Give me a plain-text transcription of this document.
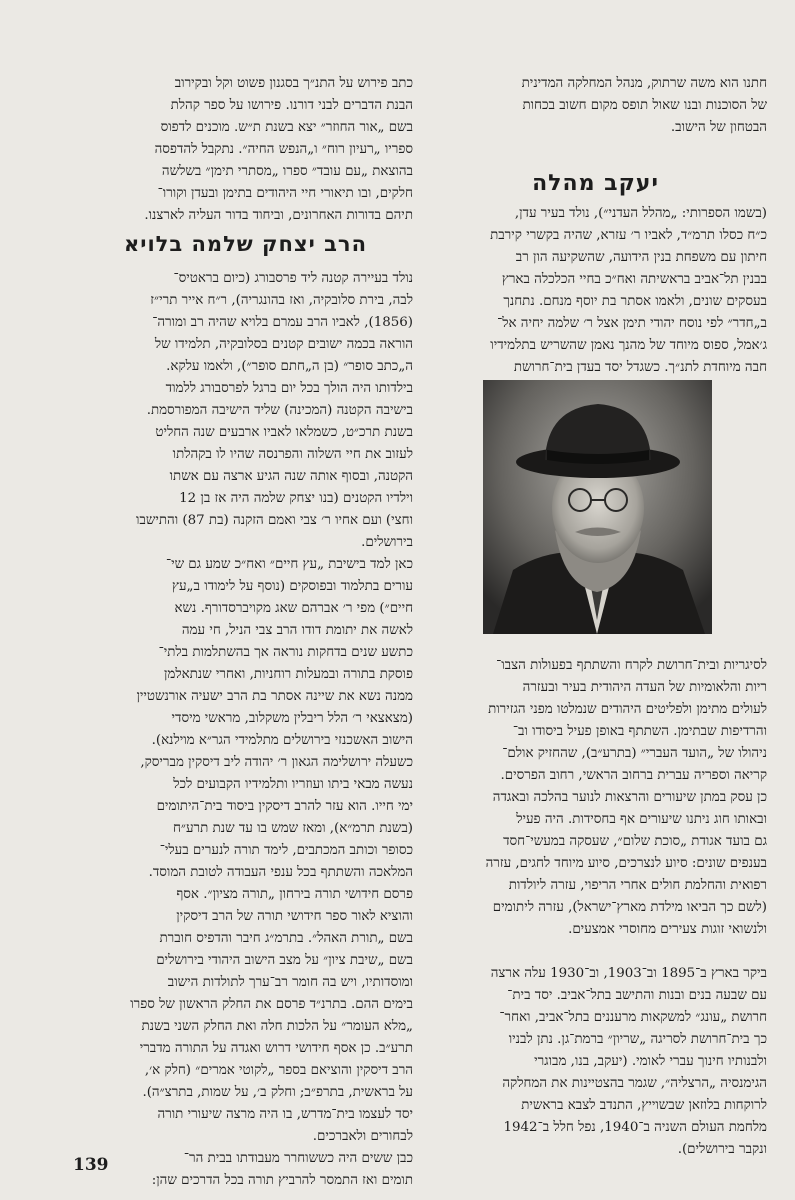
חתנו הוא משה שרתוק, מנהל המחלקה המדינית

של הסוכנות ובנו שאול תופס מקום חשוב בכחות

הבטחון של הישוב.

יעקב מהלה

(בשמו הספרותי: „מהלל העדני״), נולד בעיר עדן,

כ״ח כסלו תרמ״ד, לאביו ר׳ עזרא, שהיה בקשרי קירבת

חיתון עם משפחת בנין הידועה, שהשקיעה הון רב

בבנין תל־אביב בראשיתה ואח״כ בחיי הכלכלה בארץ

בעסקים שונים, ולאמו אסתר בת יוסף מנחם. נתחנך

ב„חדר״ לפי נוסח יהודי תימן אצל ר׳ שלמה יחיה אל־

ג׳אמל, ספוס מיוחד של מהנך נאמן שהשריש בתלמידיו

חבה מיוחדת לתנ״ך. כשגדל יסד בעדן בית־חרושת

לסיגריות ובית־חרושת לקרח והשתתף בפעולות הצבו־

ריות והלאומיות של העדה היהודית בעיר ובעזרה

לעולים מתימן ולפליטים היהודים שנמלטו מפני הגזירות

והרדיפות שבתימן. השתתף באופן פעיל ביסודו וב־

ניהולו של „הועד העברי״ (בתרע״ב), שהחזיק אולם־

קריאה וספריה עברית ברחוב הראשי, רחוב הפרסים.

כן עסק במתן שיעורים והרצאות לנוער בהלכה ובאגדה

ובאותו חוג ניתנו שיעורים אף בחסידות. היה פעיל

גם בועד אגודת „סוכת שלום״, שעסקה במעשי־חסד

בענפים שונים: סיוע לנצרכים, סיוע מיוחד לחגים, עזרה

רפואית והחלמת חולים אחרי הריפוי, עזרה ליולדות

(לשם כך הביאו מילדת מארץ־ישראל), עזרה ליתומים

ולנשואי זוגות צעירים מחוסרי אמצעים.

ביקר בארץ ב־1895 וב־1903, וב־1930 עלה ארצה

עם שבעה בנים ובנות והתישב בתל־אביב. יסד בית־

חרושת „עונג״ למשקאות מרעננים בתל־אביב, ואחר־

כך בית־חרושת לסריגה „שריון״ ברמת־גן. נתן לבניו

ולבנותיו חינוך עברי לאומי. (יעקב, בנו, מבוגרי

הגימנסיה „הרצליה״, שגמר בהצטיינות את המחלקה

לרוקחות בלוזאן שבשוייץ, התנדב לצבא בראשית

מלחמת העולם השניה ב־1940, נפל חלל ב־1942

ונקבר בירושלים).

כתב פירוש על התנ״ך בסגנון פשוט וקל ובקירוב

הבנת הדברים לבני דורנו. פירושו על ספר קהלת

בשם „אור החוזר״ יצא בשנת ת״ש. מוכנים לדפוס

ספריו „רעיון רוח״ ו„הנפש החיה״. נתקבל להדפסה

בהוצאת „עם עובד״ ספרו „מסתרי תימן״ בשלשה

חלקים, ובו תיאורי חיי היהודים בתימן ובעדן וקורו־

תיהם בדורות האחרונים, וביחוד בדור העליה לארצנו.

הרב יצחק שלמה בלויא

נולד בעיירה קטנה ליד פרסבורג (כיום בראטיס־

לבה, בירת סלובקיה, ואז בהונגריה), ר״ח אייר תרי״ז

(1856), לאביו הרב עמרם בלויא שהיה רב ומורה־

הוראה בכמה ישובים קטנים בסלובקיה, תלמידו של

ה„כתב סופר״ (בן ה„חתם סופר״), ולאמו עלקא.

בילדותו היה הולך בכל יום ברגל לפרסבורג ללמוד

בישיבה הקטנה (המכינה) שליד הישיבה המפורסמת.

בשנת תרכ״ט, כשמלאו לאביו ארבעים שנה החליט

לעזוב את חיי השלוה והפרנסה שהיו לו בקהלתו

הקטנה, ובסוף אותה שנה הגיע ארצה עם אשתו

וילדיו הקטנים (בנו יצחק שלמה היה אז בן 12

וחצי) ועם אחיו ר׳ צבי ואמם הזקנה (בת 87) והתישבו

בירושלים.

כאן למד בישיבת „עץ חיים״ ואח״כ שמע גם שי־

עורים בתלמוד ובפוסקים (נוסף על לימודו ב„עץ

חיים״) מפי ר׳ אברהם שאג מקויברסדורף. נשא

לאשה את יתומת דודו הרב צבי הניל, חי עמה

כתשע שנים בדחקות נוראה אך בהשתלמות בלתי־

פוסקת בתורה ובמעלות רוחניות, ואחרי שנתאלמן

ממנה נשא את שיינה אסתר בת הרב ישעיה אורנשטיין

(מצאצאי ר׳ הלל ריבלין משקלוב, מראשי מיסדי

הישוב האשכנזי בירושלים מתלמידי הגר״א מוילנא).

כשעלה ירושלימה הגאון ר׳ יהודה ליב דיסקין מבריסק,

נעשה מבאי ביתו ועוזריו ותלמידיו הקבועים לכל

ימי חייו. הוא עזר להרב דיסקין ביסוד בית־היתומים

(בשנת תרמ״א), ומאז שמש בו עד שנת תרע״ח

כסופר וכותב המכתבים, לימד תורה לנערים בעלי־

המלאכה והשתתף בכל ענפי העבודה לטובת המוסד.

פרסם חידושי תורה בירחון „תורה מציון״. אסף

והוציא לאור ספר חידושי תורה של הרב דיסקין

בשם „תורת האהל״. בתרמ״ג חיבר והדפיס חוברת

בשם „שיבת ציון״ על מצב הישוב היהודי בירושלים

ומוסדותיו, ויש בה חומר רב־ערך לתולדות הישוב

בימים ההם. בתרנ״ד פרסם את החלק הראשון של ספרו

„מלא העומר״ על הלכות חלה ואת החלק השני בשנת

תרע״ב. כן אסף חידושי דרוש ואגדה על התורה מדברי

הרב דיסקין והוציאם בספר „לקוטי אמרים״ (חלק א׳,

על בראשית, בתרפ״ב; וחלק ב׳, על שמות, בתרצ״ה).

יסד לעצמו בית־מדרש, בו היה מרצה שיעורי תורה

לבחורים ולאברכים.

כבן ששים היה כששוחרר מעבודתו בבית הר־

תומים ואז התמסר להרביץ תורה בכל הדרכים שהן:

139
